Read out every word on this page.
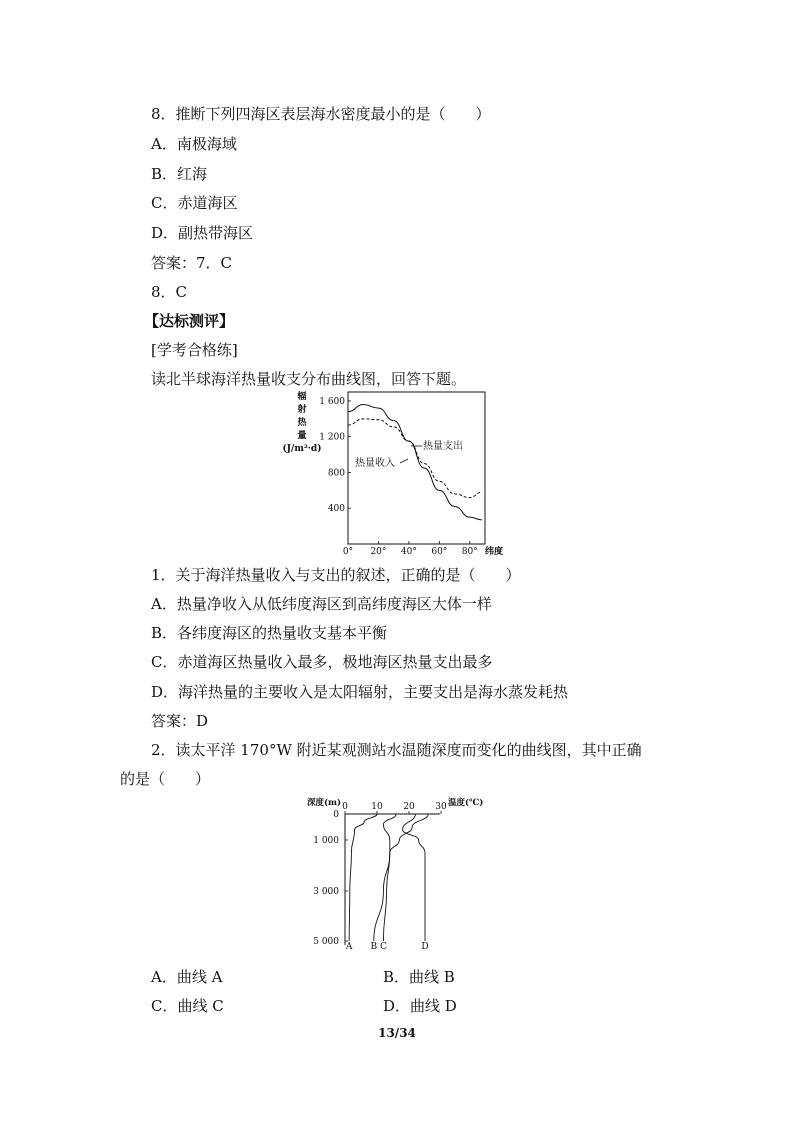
8．推断下列四海区表层海水密度最小的是（　　）
A．南极海域
B．红海
C．赤道海区
D．副热带海区
答案：7．C
8．C
【达标测评】
[学考合格练]
读北半球海洋热量收支分布曲线图，回答下题。
400
800
1 200
1 600
0° 20° 40° 60° 80°
辐
射
热
量
(J/m²·d)
纬度
热量支出
热量收入
1．关于海洋热量收入与支出的叙述，正确的是（　　）
A．热量净收入从低纬度海区到高纬度海区大体一样
B．各纬度海区的热量收支基本平衡
C．赤道海区热量收入最多，极地海区热量支出最多
D．海洋热量的主要收入是太阳辐射，主要支出是海水蒸发耗热
答案：D
2．读太平洋 170°W 附近某观测站水温随深度而变化的曲线图，其中正确
的是（　　）
0	10 20 30
0
1 000
3 000
5 000
深度(m)	温度(℃)
A B C	D
A．曲线 A	B．曲线 B
C．曲线 C	D．曲线 D
13/34
